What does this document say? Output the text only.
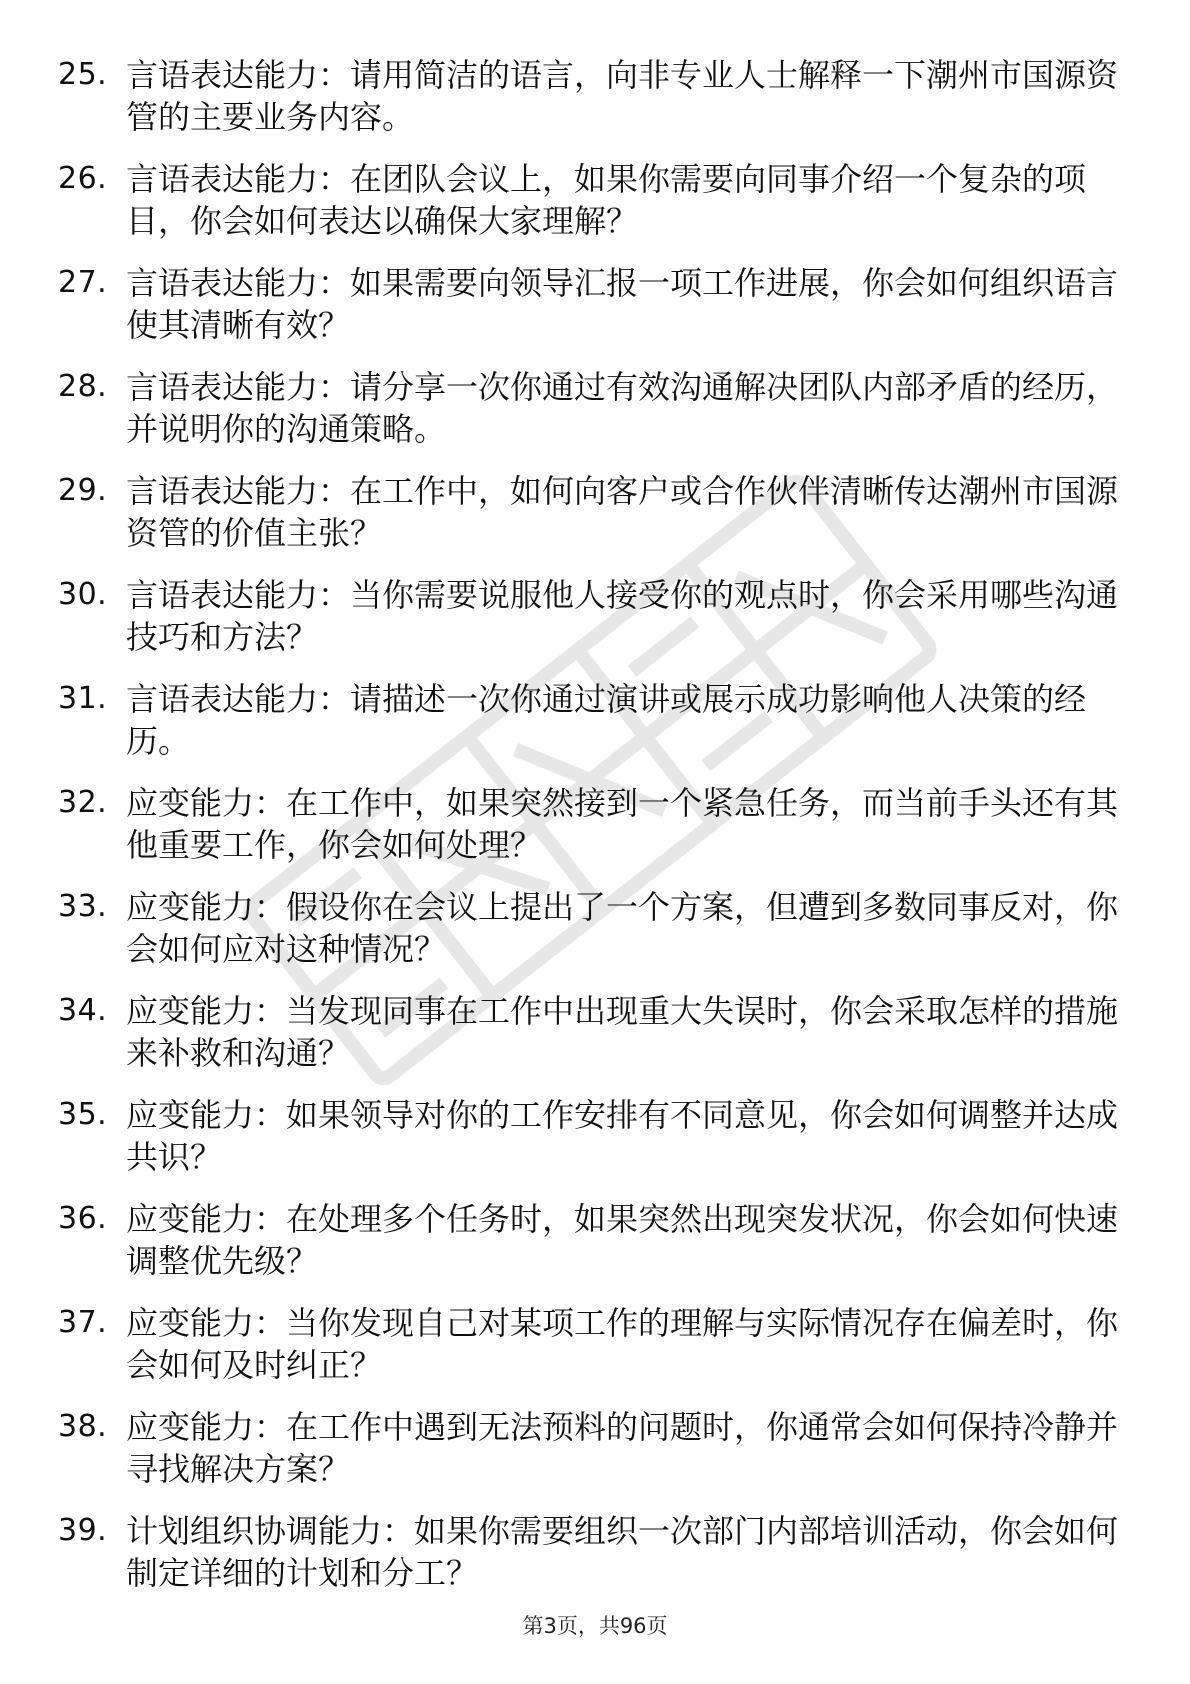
25. 言语表达能力：请用简洁的语言，向非专业人士解释一下潮州市国源资管的主要业务内容。

26. 言语表达能力：在团队会议上，如果你需要向同事介绍一个复杂的项目，你会如何表达以确保大家理解？

27. 言语表达能力：如果需要向领导汇报一项工作进展，你会如何组织语言使其清晰有效？

28. 言语表达能力：请分享一次你通过有效沟通解决团队内部矛盾的经历，并说明你的沟通策略。

29. 言语表达能力：在工作中，如何向客户或合作伙伴清晰传达潮州市国源资管的价值主张？

30. 言语表达能力：当你需要说服他人接受你的观点时，你会采用哪些沟通技巧和方法？

31. 言语表达能力：请描述一次你通过演讲或展示成功影响他人决策的经历。

32. 应变能力：在工作中，如果突然接到一个紧急任务，而当前手头还有其他重要工作，你会如何处理？

33. 应变能力：假设你在会议上提出了一个方案，但遭到多数同事反对，你会如何应对这种情况？

34. 应变能力：当发现同事在工作中出现重大失误时，你会采取怎样的措施来补救和沟通？

35. 应变能力：如果领导对你的工作安排有不同意见，你会如何调整并达成共识？

36. 应变能力：在处理多个任务时，如果突然出现突发状况，你会如何快速调整优先级？

37. 应变能力：当你发现自己对某项工作的理解与实际情况存在偏差时，你会如何及时纠正？

38. 应变能力：在工作中遇到无法预料的问题时，你通常会如何保持冷静并寻找解决方案？

39. 计划组织协调能力：如果你需要组织一次部门内部培训活动，你会如何制定详细的计划和分工？

第3页，共96页
